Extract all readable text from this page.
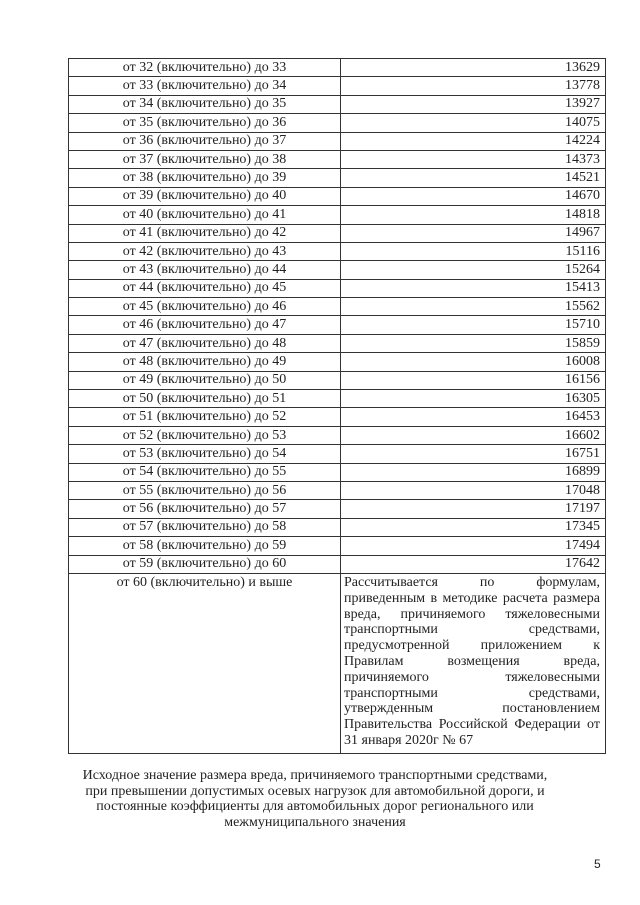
от 32 (включительно) до 33	13629
от 33 (включительно) до 34	13778
от 34 (включительно) до 35	13927
от 35 (включительно) до 36	14075
от 36 (включительно) до 37	14224
от 37 (включительно) до 38	14373
от 38 (включительно) до 39	14521
от 39 (включительно) до 40	14670
от 40 (включительно) до 41	14818
от 41 (включительно) до 42	14967
от 42 (включительно) до 43	15116
от 43 (включительно) до 44	15264
от 44 (включительно) до 45	15413
от 45 (включительно) до 46	15562
от 46 (включительно) до 47	15710
от 47 (включительно) до 48	15859
от 48 (включительно) до 49	16008
от 49 (включительно) до 50	16156
от 50 (включительно) до 51	16305
от 51 (включительно) до 52	16453
от 52 (включительно) до 53	16602
от 53 (включительно) до 54	16751
от 54 (включительно) до 55	16899
от 55 (включительно) до 56	17048
от 56 (включительно) до 57	17197
от 57 (включительно) до 58	17345
от 58 (включительно) до 59	17494
от 59 (включительно) до 60	17642
от 60 (включительно) и выше	Рассчитывается по формулам, приведенным в методике расчета размера вреда, причиняемого тяжеловесными транспортными средствами, предусмотренной приложением к Правилам возмещения вреда, причиняемого тяжеловесными транспортными средствами, утвержденным постановлением Правительства Российской Федерации от 31 января 2020г № 67
Исходное значение размера вреда, причиняемого транспортными средствами, при превышении допустимых осевых нагрузок для автомобильной дороги, и постоянные коэффициенты для автомобильных дорог регионального или межмуниципального значения
5
